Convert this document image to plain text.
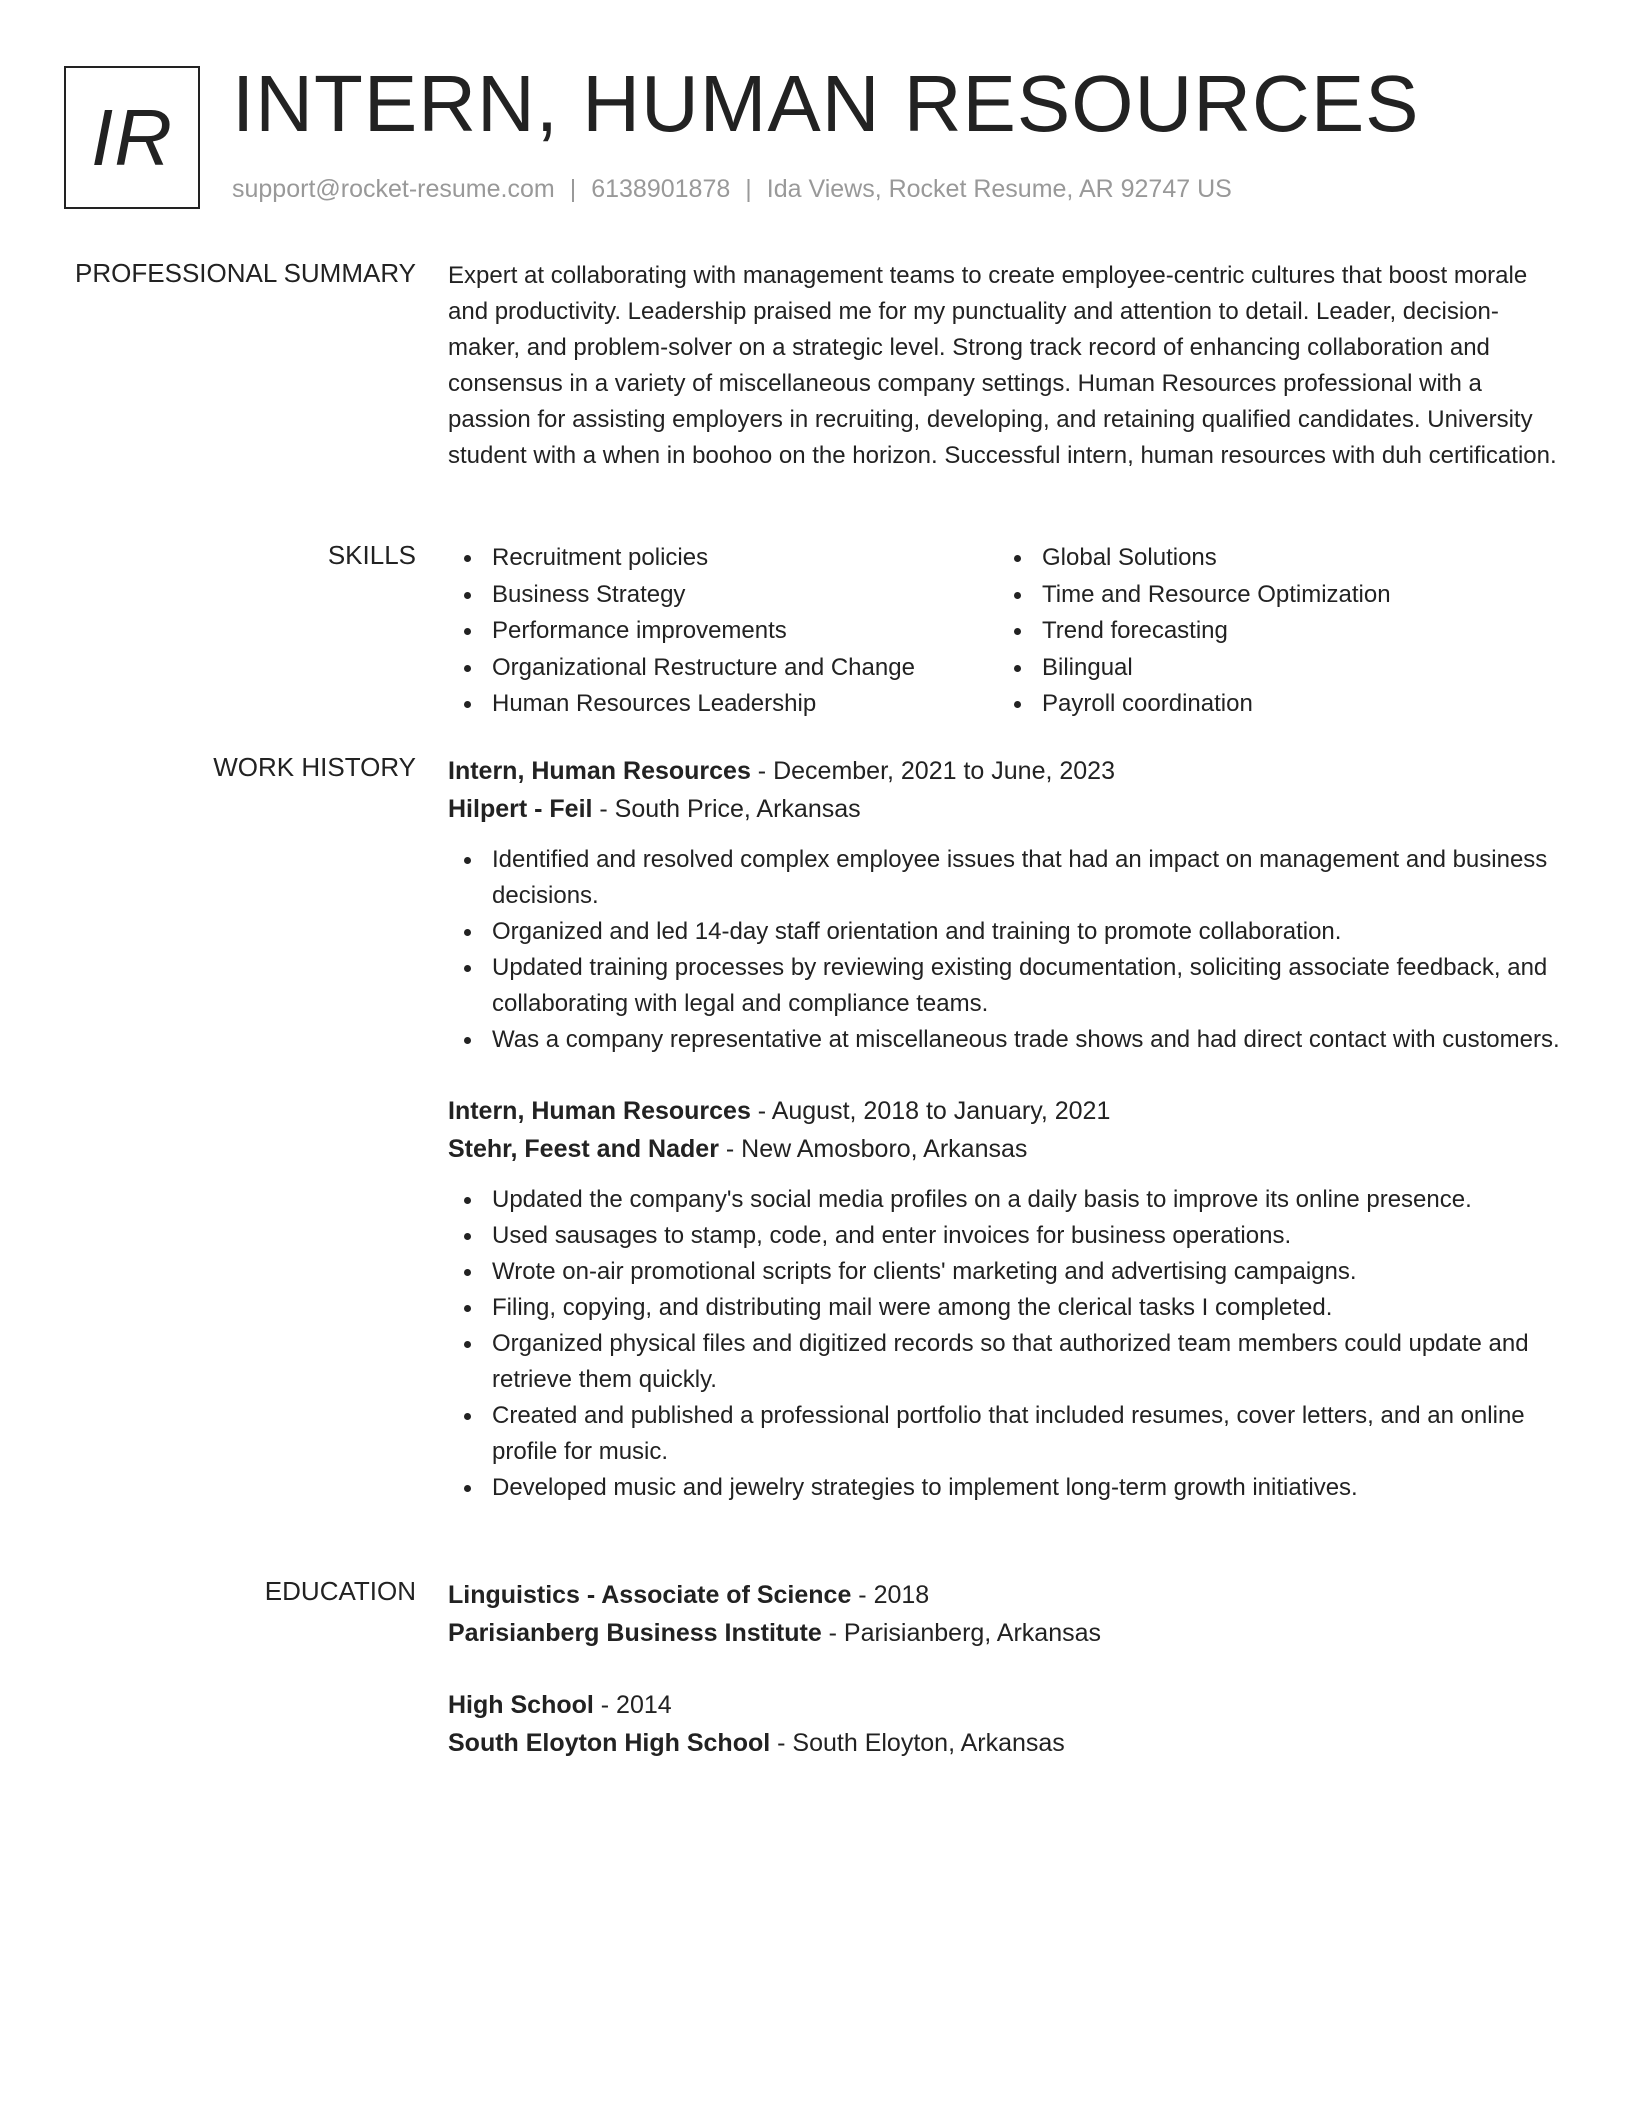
IR INTERN, HUMAN RESOURCES
support@rocket-resume.com | 6138901878 | Ida Views, Rocket Resume, AR 92747 US
PROFESSIONAL SUMMARY Expert at collaborating with management teams to create employee-centric cultures that boost morale and productivity. Leadership praised me for my punctuality and attention to detail. Leader, decision-maker, and problem-solver on a strategic level. Strong track record of enhancing collaboration and consensus in a variety of miscellaneous company settings. Human Resources professional with a passion for assisting employers in recruiting, developing, and retaining qualified candidates. University student with a when in boohoo on the horizon. Successful intern, human resources with duh certification.

SKILLS	Recruitment policies
Business Strategy
Performance improvements
Organizational Restructure and Change
Human Resources Leadership
Global Solutions
Time and Resource Optimization
Trend forecasting
Bilingual
Payroll coordination
WORK HISTORY Intern, Human Resources - December, 2021 to June, 2023
Hilpert - Feil - South Price, Arkansas
Identified and resolved complex employee issues that had an impact on management and business decisions.
Organized and led 14-day staff orientation and training to promote collaboration.
Updated training processes by reviewing existing documentation, soliciting associate feedback, and collaborating with legal and compliance teams.
Was a company representative at miscellaneous trade shows and had direct contact with customers.
Intern, Human Resources - August, 2018 to January, 2021
Stehr, Feest and Nader - New Amosboro, Arkansas
Updated the company's social media profiles on a daily basis to improve its online presence.
Used sausages to stamp, code, and enter invoices for business operations.
Wrote on-air promotional scripts for clients' marketing and advertising campaigns.
Filing, copying, and distributing mail were among the clerical tasks I completed.
Organized physical files and digitized records so that authorized team members could update and retrieve them quickly.
Created and published a professional portfolio that included resumes, cover letters, and an online profile for music.
Developed music and jewelry strategies to implement long-term growth initiatives.
EDUCATION Linguistics - Associate of Science - 2018
Parisianberg Business Institute - Parisianberg, Arkansas
High School - 2014
South Eloyton High School - South Eloyton, Arkansas
